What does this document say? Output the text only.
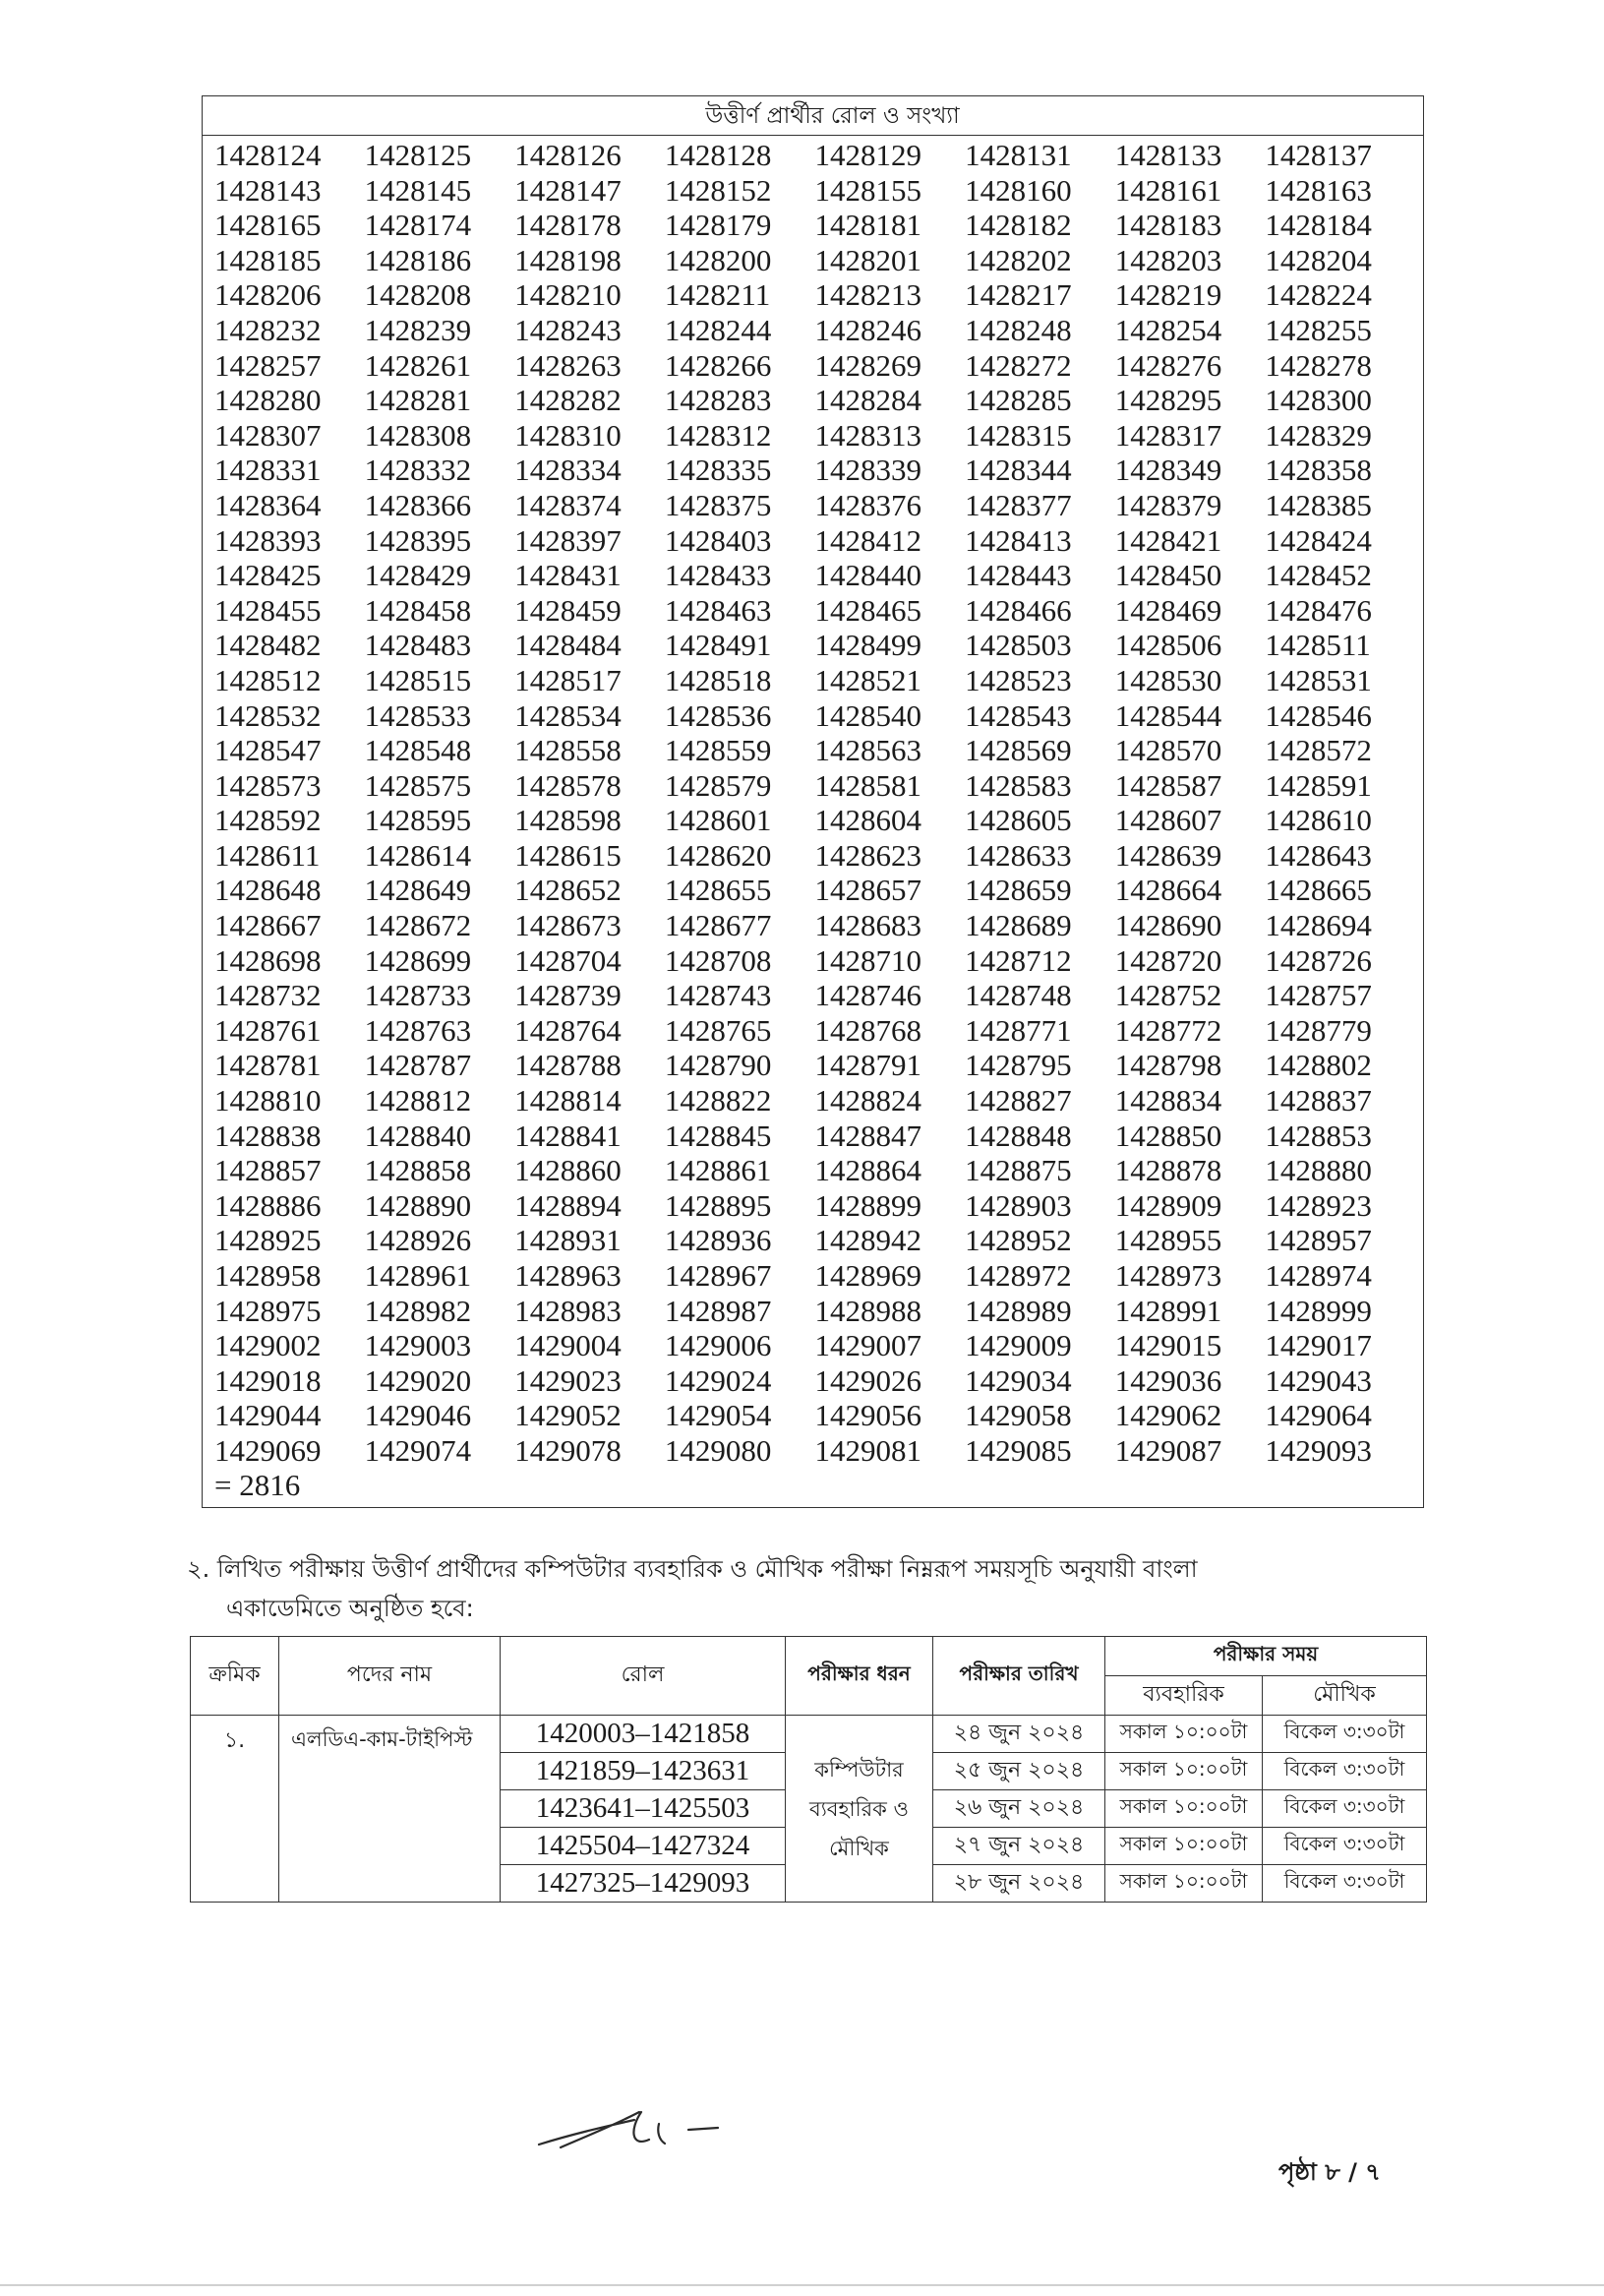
উত্তীর্ণ প্রার্থীর রোল ও সংখ্যা
1428124	1428125	1428126	1428128	1428129	1428131	1428133	1428137
1428143	1428145	1428147	1428152	1428155	1428160	1428161	1428163
1428165	1428174	1428178	1428179	1428181	1428182	1428183	1428184
1428185	1428186	1428198	1428200	1428201	1428202	1428203	1428204
1428206	1428208	1428210	1428211	1428213	1428217	1428219	1428224
1428232	1428239	1428243	1428244	1428246	1428248	1428254	1428255
1428257	1428261	1428263	1428266	1428269	1428272	1428276	1428278
1428280	1428281	1428282	1428283	1428284	1428285	1428295	1428300
1428307	1428308	1428310	1428312	1428313	1428315	1428317	1428329
1428331	1428332	1428334	1428335	1428339	1428344	1428349	1428358
1428364	1428366	1428374	1428375	1428376	1428377	1428379	1428385
1428393	1428395	1428397	1428403	1428412	1428413	1428421	1428424
1428425	1428429	1428431	1428433	1428440	1428443	1428450	1428452
1428455	1428458	1428459	1428463	1428465	1428466	1428469	1428476
1428482	1428483	1428484	1428491	1428499	1428503	1428506	1428511
1428512	1428515	1428517	1428518	1428521	1428523	1428530	1428531
1428532	1428533	1428534	1428536	1428540	1428543	1428544	1428546
1428547	1428548	1428558	1428559	1428563	1428569	1428570	1428572
1428573	1428575	1428578	1428579	1428581	1428583	1428587	1428591
1428592	1428595	1428598	1428601	1428604	1428605	1428607	1428610
1428611	1428614	1428615	1428620	1428623	1428633	1428639	1428643
1428648	1428649	1428652	1428655	1428657	1428659	1428664	1428665
1428667	1428672	1428673	1428677	1428683	1428689	1428690	1428694
1428698	1428699	1428704	1428708	1428710	1428712	1428720	1428726
1428732	1428733	1428739	1428743	1428746	1428748	1428752	1428757
1428761	1428763	1428764	1428765	1428768	1428771	1428772	1428779
1428781	1428787	1428788	1428790	1428791	1428795	1428798	1428802
1428810	1428812	1428814	1428822	1428824	1428827	1428834	1428837
1428838	1428840	1428841	1428845	1428847	1428848	1428850	1428853
1428857	1428858	1428860	1428861	1428864	1428875	1428878	1428880
1428886	1428890	1428894	1428895	1428899	1428903	1428909	1428923
1428925	1428926	1428931	1428936	1428942	1428952	1428955	1428957
1428958	1428961	1428963	1428967	1428969	1428972	1428973	1428974
1428975	1428982	1428983	1428987	1428988	1428989	1428991	1428999
1429002	1429003	1429004	1429006	1429007	1429009	1429015	1429017
1429018	1429020	1429023	1429024	1429026	1429034	1429036	1429043
1429044	1429046	1429052	1429054	1429056	1429058	1429062	1429064
1429069	1429074	1429078	1429080	1429081	1429085	1429087	1429093
= 2816
২. লিখিত পরীক্ষায় উত্তীর্ণ প্রার্থীদের কম্পিউটার ব্যবহারিক ও মৌখিক পরীক্ষা নিম্নরূপ সময়সূচি অনুযায়ী বাংলা
একাডেমিতে অনুষ্ঠিত হবে:
ক্রমিক	পদের নাম	রোল	পরীক্ষার ধরন	পরীক্ষার তারিখ	পরীক্ষার সময়	
					ব্যবহারিক	মৌখিক
১.	এলডিএ-কাম-টাইপিস্ট	1420003–1421858	কম্পিউটার ব্যবহারিক ও মৌখিক	২৪ জুন ২০২৪	সকাল ১০:০০টা	বিকেল ৩:৩০টা
		1421859–1423631		২৫ জুন ২০২৪	সকাল ১০:০০টা	বিকেল ৩:৩০টা
		1423641–1425503		২৬ জুন ২০২৪	সকাল ১০:০০টা	বিকেল ৩:৩০টা
		1425504–1427324		২৭ জুন ২০২৪	সকাল ১০:০০টা	বিকেল ৩:৩০টা
		1427325–1429093		২৮ জুন ২০২৪	সকাল ১০:০০টা	বিকেল ৩:৩০টা
পৃষ্ঠা ৮ / ৭
